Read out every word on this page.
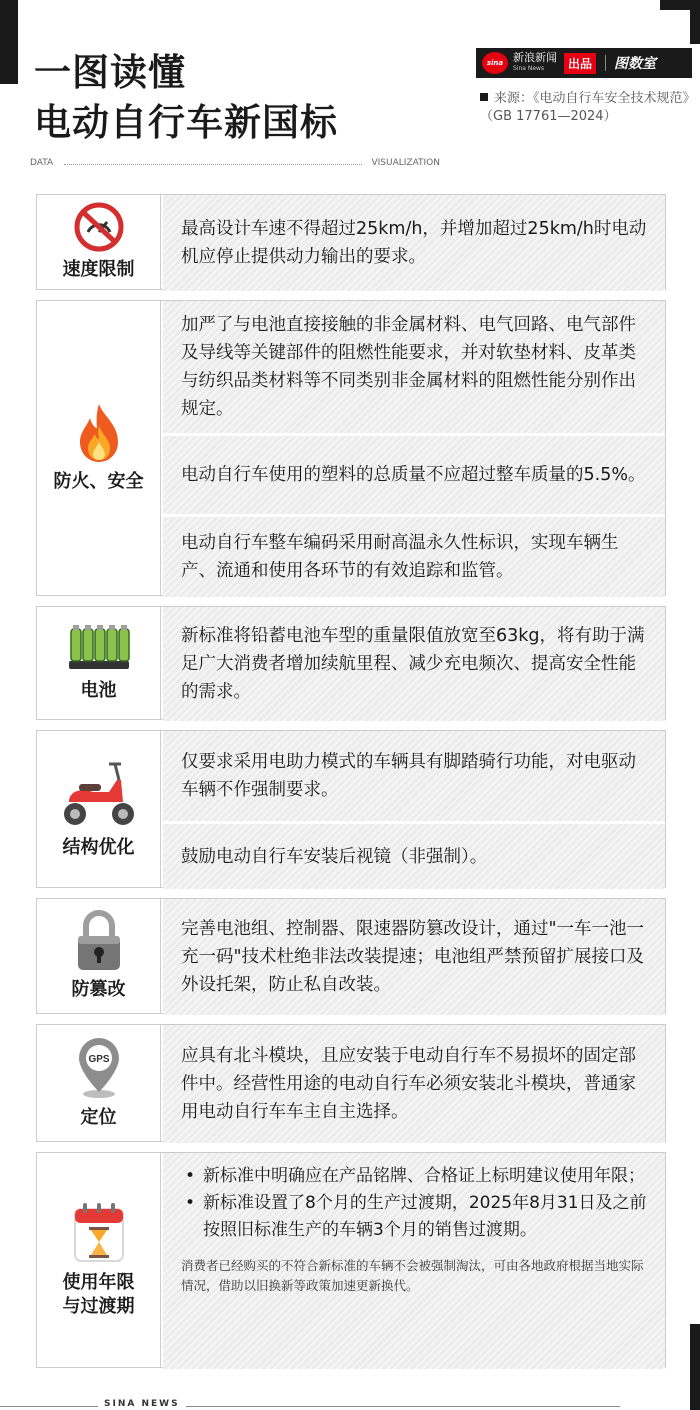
一图读懂
电动自行车新国标
sina 新浪新闻
Sina News	出品 图数室
来源：《电动自行车安全技术规范》（GB 17761—2024）
DATA	VISUALIZATION
速度限制
最高设计车速不得超过25km/h，并增加超过25km/h时电动机应停止提供动力输出的要求。
防火、安全
加严了与电池直接接触的非金属材料、电气回路、电气部件及导线等关键部件的阻燃性能要求，并对软垫材料、皮革类与纺织品类材料等不同类别非金属材料的阻燃性能分别作出规定。
电动自行车使用的塑料的总质量不应超过整车质量的5.5%。
电动自行车整车编码采用耐高温永久性标识，实现车辆生产、流通和使用各环节的有效追踪和监管。
电池
新标准将铅蓄电池车型的重量限值放宽至63kg，将有助于满足广大消费者增加续航里程、减少充电频次、提高安全性能的需求。
结构优化
仅要求采用电助力模式的车辆具有脚踏骑行功能，对电驱动车辆不作强制要求。
鼓励电动自行车安装后视镜（非强制）。
防篡改
完善电池组、控制器、限速器防篡改设计，通过"一车一池一充一码"技术杜绝非法改装提速；电池组严禁预留扩展接口及外设托架，防止私自改装。
GPS
定位
应具有北斗模块，且应安装于电动自行车不易损坏的固定部件中。经营性用途的电动自行车必须安装北斗模块，普通家用电动自行车车主自主选择。
使用年限
与过渡期
• 新标准中明确应在产品铭牌、合格证上标明建议使用年限；
• 新标准设置了8个月的生产过渡期，2025年8月31日及之前按照旧标准生产的车辆3个月的销售过渡期。
消费者已经购买的不符合新标准的车辆不会被强制淘汰，可由各地政府根据当地实际情况，借助以旧换新等政策加速更新换代。
SINA NEWS
